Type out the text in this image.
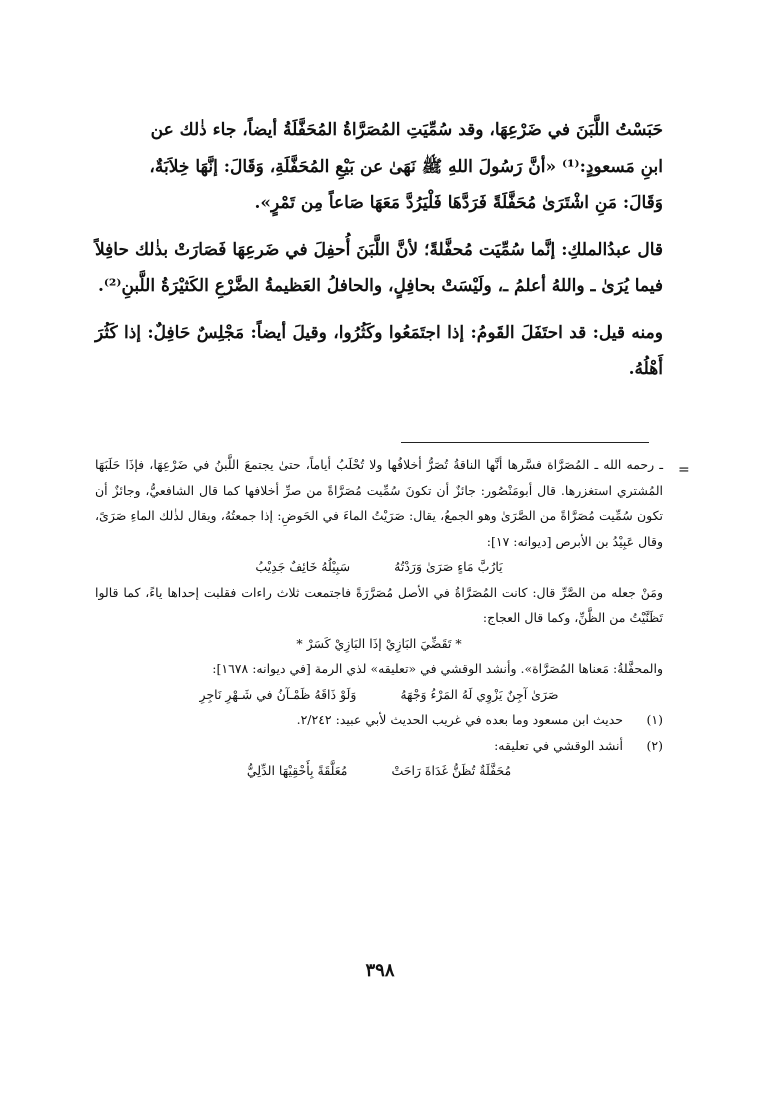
حَبَسْتُ اللَّبَنَ في ضَرْعِهَا، وقد سُمِّيَتِ المُصَرَّاةُ المُحَفَّلَةُ أيضاً، جاء ذٰلك عن
ابنِ مَسعودٍ:⁽¹⁾ «أنَّ رَسُولَ اللهِ ﷺ نَهَىٰ عن بَيْعِ المُحَفَّلَةِ، وَقَالَ: إنَّهَا خِلاَبَةٌ،
وَقَالَ: مَنِ اشْتَرَىٰ مُحَفَّلَةً فَرَدَّهَا فَلْيَرُدَّ مَعَهَا صَاعاً مِن تَمْرٍ».

قال عبدُالملكِ: إنَّما سُمِّيَت مُحفَّلةً؛ لأنَّ اللَّبَنَ أُحفِلَ في ضَرعِهَا فَصَارَتْ بذٰلك حافِلاً فيما يُرَىٰ ـ واللهُ أعلمُ ـ، ولَيْسَتْ بحافِلٍ، والحافلُ العَظيمةُ الضَّرْعِ الكَثيْرَةُ اللَّبنِ⁽²⁾.

ومنه قيل: قد احتَفَلَ القَومُ: إذا اجتَمَعُوا وكَثُرُوا، وقيلَ أيضاً: مَجْلِسٌ حَافِلٌ: إذا كَثُرَ أَهْلُهُ.

=

ـ رحمه الله ـ المُصَرَّاة فسَّرها أنَّها الناقةُ تُصَرُّ أخلافُها ولا تُحْلَبُ أياماً، حتىٰ يجتمعَ اللَّبنُ في ضَرْعِهَا، فإذَا حَلَبَهَا المُشتري استغزرها. قال أبومَنْصُور: جائزٌ أن تكونَ سُمِّيت مُصَرَّاةً من صرِّ أخلافها كما قال الشافعيُّ، وجائزٌ أن تكون سُمِّيت مُصَرَّاةً من الصَّرَىٰ وهو الجمعُ، يقال: صَرَيْتُ الماءَ في الحَوضِ: إذا جمعتُهُ، ويقال لذٰلك الماءِ صَرَىً، وقال عَبِيْدُ بن الأبرص [ديوانه: ١٧]:

يَارُبَّ مَاءٍ صَرَىٰ وَرَدْتُهُ
سَبِيْلُهُ خَائِفٌ جَدِيْبُ

ومَنْ جعله من الصَّرِّ قال: كانت المُصَرَّاةُ في الأصل مُصَرَّرَةً فاجتمعت ثلاث راءات فقلبت إحداها ياءً، كما قالوا تَظَنَّيْتُ من الظَّنِّ، وكما قال العجاج:

* تَقَضِّيَ البَازِيْ إذَا البَازِيْ كَسَرْ *

والمحفَّلةُ: مَعناها المُصَرَّاة». وأنشد الوقشي في «تعليقه» لذي الرمة [في ديوانه: ١٦٧٨]:

صَرَىٰ آجِنٌ يَزْوِي لَهُ المَرْءُ وَجْهَهُ
وَلَوْ ذَاقَهُ ظَمْـآنُ في شَـهْرِ نَاجِرِ
(١)
حديث ابن مسعود وما بعده في غريب الحديث لأبي عبيد: ٢/٢٤٢.
(٢)
أنشد الوقشي في تعليقه:
مُحَفَّلَةٌ تُظَنُّ غَدَاةَ رَاحَتْ
مُعَلَّقَةً بِأَحْقِيْهَا الدِّلِيُّ
٣٩٨
